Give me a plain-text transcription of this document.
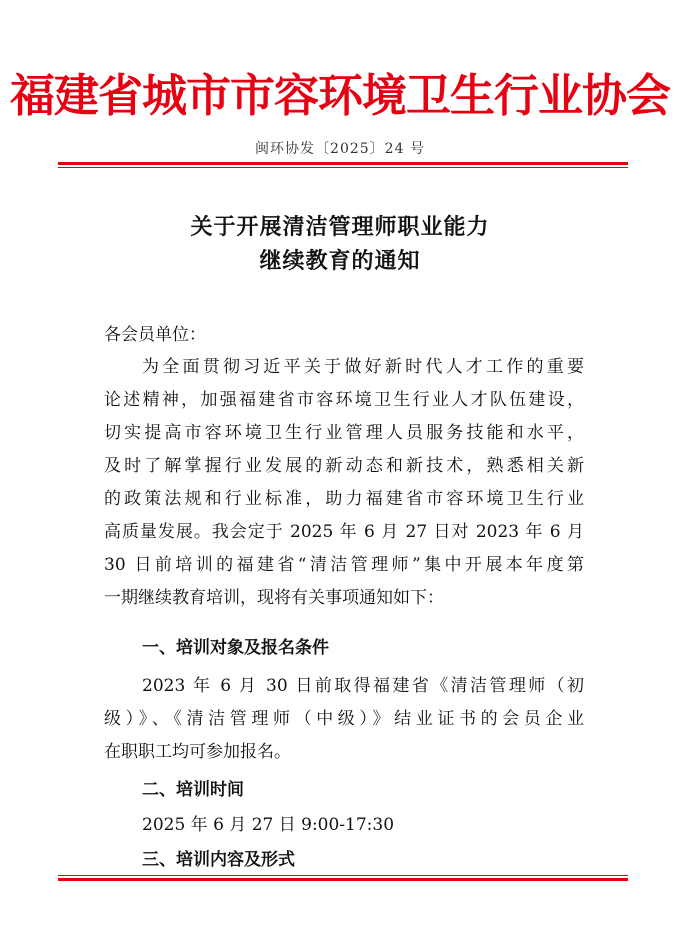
福建省城市市容环境卫生行业协会
闽环协发〔2025〕24 号
关于开展清洁管理师职业能力
继续教育的通知
各会员单位：
为全面贯彻习近平关于做好新时代人才工作的重要
论述精神，加强福建省市容环境卫生行业人才队伍建设，
切实提高市容环境卫生行业管理人员服务技能和水平，
及时了解掌握行业发展的新动态和新技术，熟悉相关新
的政策法规和行业标准，助力福建省市容环境卫生行业
高质量发展。我会定于 2025 年 6 月 27 日对 2023 年 6 月
30 日前培训的福建省“清洁管理师”集中开展本年度第
一期继续教育培训，现将有关事项通知如下：
一、培训对象及报名条件
2023 年 6 月 30 日前取得福建省《清洁管理师（初
级）》、《清洁管理师（中级）》结业证书的会员企业
在职职工均可参加报名。
二、培训时间
2025 年 6 月 27 日 9:00-17:30
三、培训内容及形式
